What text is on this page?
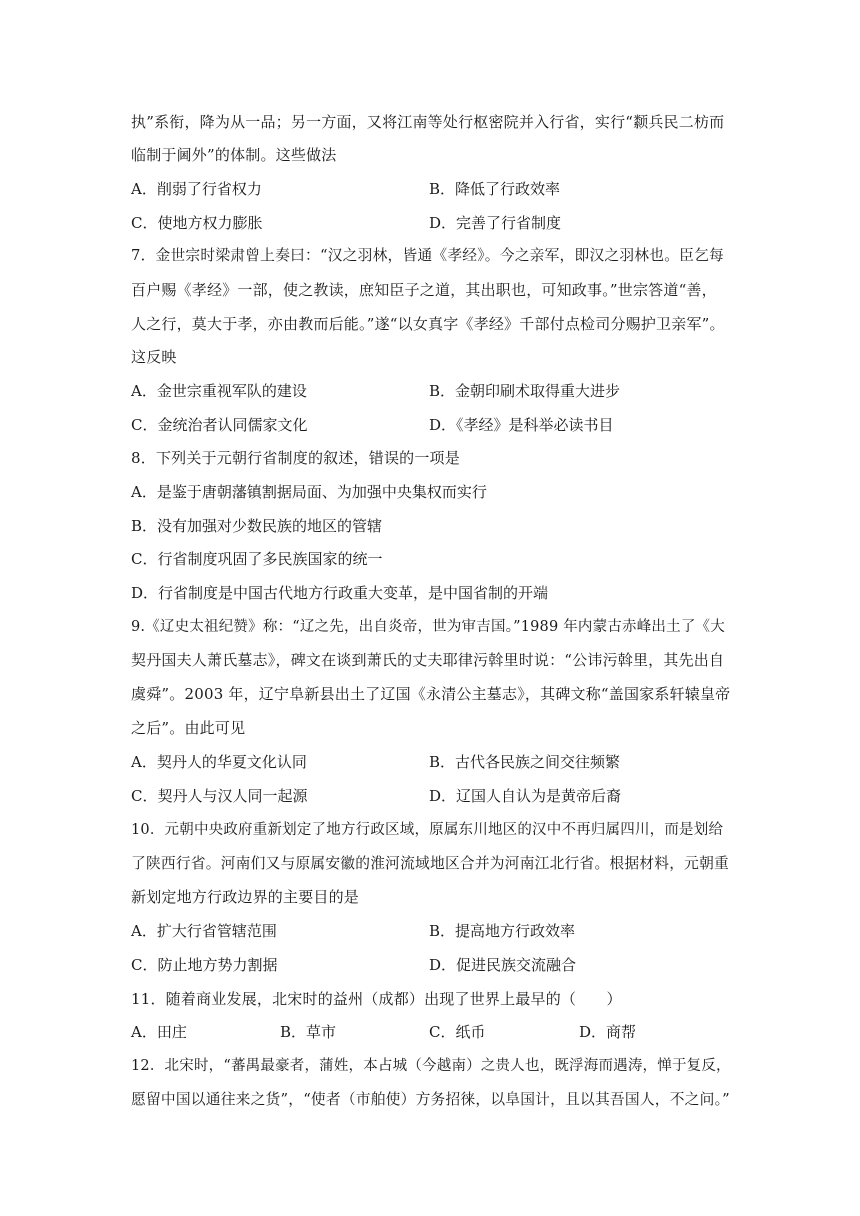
执”系衔，降为从一品；另一方面，又将江南等处行枢密院并入行省，实行“颣兵民二枋而
临制于阃外”的体制。这些做法
A．削弱了行省权力	B．降低了行政效率
C．使地方权力膨胀	D．完善了行省制度
7．金世宗时梁肃曾上奏曰：“汉之羽林，皆通《孝经》。今之亲军，即汉之羽林也。臣乞每
百户赐《孝经》一部，使之教读，庶知臣子之道，其出职也，可知政事。”世宗答道“善，
人之行，莫大于孝，亦由教而后能。”遂“以女真字《孝经》千部付点检司分赐护卫亲军”。
这反映
A．金世宗重视军队的建设	B．金朝印刷术取得重大进步
C．金统治者认同儒家文化	D．《孝经》是科举必读书目
8．下列关于元朝行省制度的叙述，错误的一项是
A．是鉴于唐朝藩镇割据局面、为加强中央集权而实行
B．没有加强对少数民族的地区的管辖
C．行省制度巩固了多民族国家的统一
D．行省制度是中国古代地方行政重大变革，是中国省制的开端
9.《辽史太祖纪赞》称：“辽之先，出自炎帝，世为审吉国。”1989 年内蒙古赤峰出土了《大
契丹国夫人萧氏墓志》，碑文在谈到萧氏的丈夫耶律污斡里时说：“公讳污斡里，其先出自
虞舜”。2003 年，辽宁阜新县出土了辽国《永清公主墓志》，其碑文称“盖国家系轩辕皇帝
之后”。由此可见
A．契丹人的华夏文化认同	B．古代各民族之间交往频繁
C．契丹人与汉人同一起源	D．辽国人自认为是黄帝后裔
10．元朝中央政府重新划定了地方行政区域，原属东川地区的汉中不再归属四川，而是划给
了陕西行省。河南们又与原属安徽的淮河流域地区合并为河南江北行省。根据材料，元朝重
新划定地方行政边界的主要目的是
A．扩大行省管辖范围	B．提高地方行政效率
C．防止地方势力割据	D．促进民族交流融合
11．随着商业发展，北宋时的益州（成都）出现了世界上最早的（　　）
A．田庄	B．草市	C．纸币	D．商帮
12．北宋时，“蕃禺最豪者，蒲姓，本占城（今越南）之贵人也，既浮海而遇涛，惮于复反，
愿留中国以通往来之货”，“使者（市舶使）方务招徕，以阜国计，且以其吾国人，不之问。”
